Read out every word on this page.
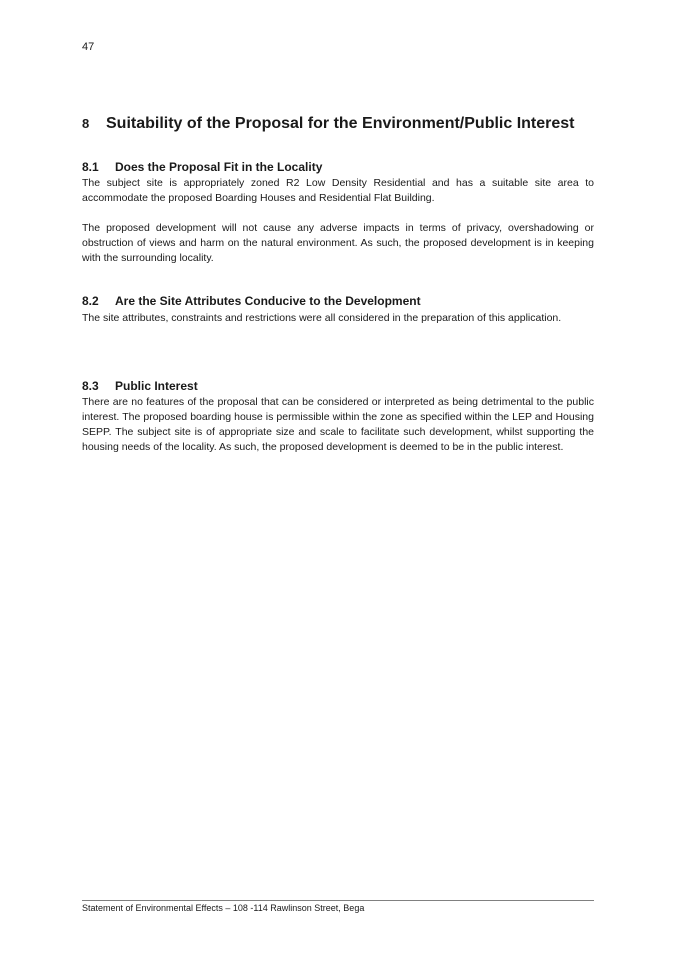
47
8 Suitability of the Proposal for the Environment/Public Interest
8.1 Does the Proposal Fit in the Locality

The subject site is appropriately zoned R2 Low Density Residential and has a suitable site area to accommodate the proposed Boarding Houses and Residential Flat Building.

The proposed development will not cause any adverse impacts in terms of privacy, overshadowing or obstruction of views and harm on the natural environment. As such, the proposed development is in keeping with the surrounding locality.

8.2 Are the Site Attributes Conducive to the Development

The site attributes, constraints and restrictions were all considered in the preparation of this application.

8.3 Public Interest

There are no features of the proposal that can be considered or interpreted as being detrimental to the public interest. The proposed boarding house is permissible within the zone as specified within the LEP and Housing SEPP. The subject site is of appropriate size and scale to facilitate such development, whilst supporting the housing needs of the locality. As such, the proposed development is deemed to be in the public interest.

Statement of Environmental Effects – 108 -114 Rawlinson Street, Bega
